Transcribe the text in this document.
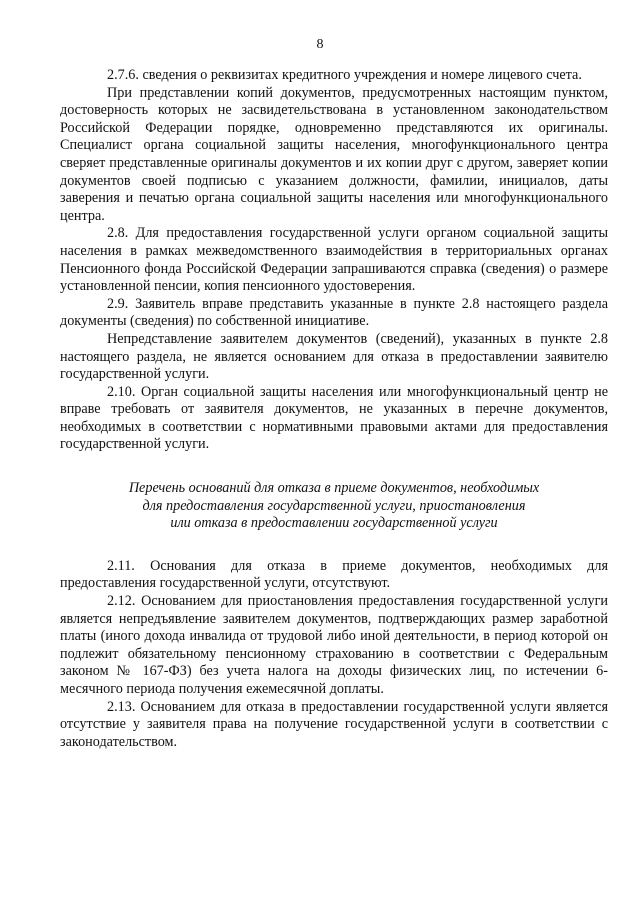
8

2.7.6. сведения о реквизитах кредитного учреждения и номере лицевого счета.

При представлении копий документов, предусмотренных настоящим пунктом, достоверность которых не засвидетельствована в установленном законодательством Российской Федерации порядке, одновременно представляются их оригиналы. Специалист органа социальной защиты населения, многофункционального центра сверяет представленные оригиналы документов и их копии друг с другом, заверяет копии документов своей подписью с указанием должности, фамилии, инициалов, даты заверения и печатью органа социальной защиты населения или многофункционального центра.

2.8. Для предоставления государственной услуги органом социальной защиты населения в рамках межведомственного взаимодействия в территориальных органах Пенсионного фонда Российской Федерации запрашиваются справка (сведения) о размере установленной пенсии, копия пенсионного удостоверения.

2.9. Заявитель вправе представить указанные в пункте 2.8 настоящего раздела документы (сведения) по собственной инициативе.

Непредставление заявителем документов (сведений), указанных в пункте 2.8 настоящего раздела, не является основанием для отказа в предоставлении заявителю государственной услуги.

2.10. Орган социальной защиты населения или многофункциональный центр не вправе требовать от заявителя документов, не указанных в перечне документов, необходимых в соответствии с нормативными правовыми актами для предоставления государственной услуги.

Перечень оснований для отказа в приеме документов, необходимых
для предоставления государственной услуги, приостановления
или отказа в предоставлении государственной услуги

2.11. Основания для отказа в приеме документов, необходимых для предоставления государственной услуги, отсутствуют.

2.12. Основанием для приостановления предоставления государственной услуги является непредъявление заявителем документов, подтверждающих размер заработной платы (иного дохода инвалида от трудовой либо иной деятельности, в период которой он подлежит обязательному пенсионному страхованию в соответствии с Федеральным законом № 167-ФЗ) без учета налога на доходы физических лиц, по истечении 6-месячного периода получения ежемесячной доплаты.

2.13. Основанием для отказа в предоставлении государственной услуги является отсутствие у заявителя права на получение государственной услуги в соответствии с законодательством.
